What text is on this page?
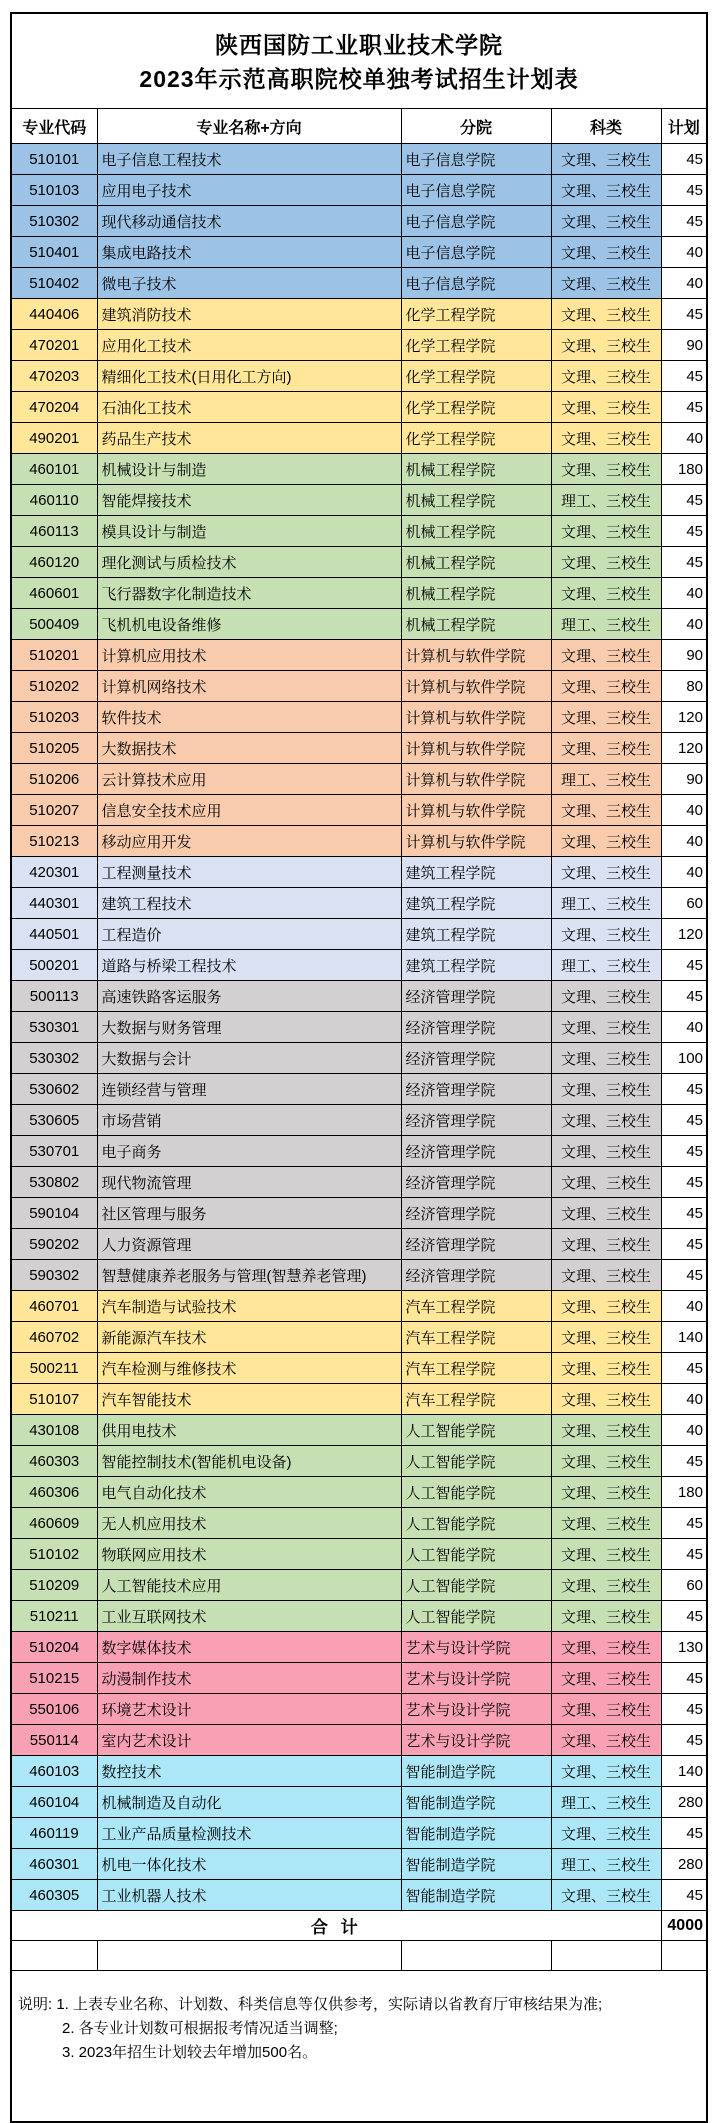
陕西国防工业职业技术学院
2023年示范高职院校单独考试招生计划表				

专业代码	专业名称+方向	分院	科类	计划
510101	电子信息工程技术	电子信息学院	文理、三校生	45
510103	应用电子技术	电子信息学院	文理、三校生	45
510302	现代移动通信技术	电子信息学院	文理、三校生	45
510401	集成电路技术	电子信息学院	文理、三校生	40
510402	微电子技术	电子信息学院	文理、三校生	40
440406	建筑消防技术	化学工程学院	文理、三校生	45
470201	应用化工技术	化学工程学院	文理、三校生	90
470203	精细化工技术(日用化工方向)	化学工程学院	文理、三校生	45
470204	石油化工技术	化学工程学院	文理、三校生	45
490201	药品生产技术	化学工程学院	文理、三校生	40
460101	机械设计与制造	机械工程学院	文理、三校生	180
460110	智能焊接技术	机械工程学院	理工、三校生	45
460113	模具设计与制造	机械工程学院	文理、三校生	45
460120	理化测试与质检技术	机械工程学院	文理、三校生	45
460601	飞行器数字化制造技术	机械工程学院	文理、三校生	40
500409	飞机机电设备维修	机械工程学院	理工、三校生	40
510201	计算机应用技术	计算机与软件学院	文理、三校生	90
510202	计算机网络技术	计算机与软件学院	文理、三校生	80
510203	软件技术	计算机与软件学院	文理、三校生	120
510205	大数据技术	计算机与软件学院	文理、三校生	120
510206	云计算技术应用	计算机与软件学院	理工、三校生	90
510207	信息安全技术应用	计算机与软件学院	文理、三校生	40
510213	移动应用开发	计算机与软件学院	文理、三校生	40
420301	工程测量技术	建筑工程学院	文理、三校生	40
440301	建筑工程技术	建筑工程学院	理工、三校生	60
440501	工程造价	建筑工程学院	文理、三校生	120
500201	道路与桥梁工程技术	建筑工程学院	理工、三校生	45
500113	高速铁路客运服务	经济管理学院	文理、三校生	45
530301	大数据与财务管理	经济管理学院	文理、三校生	40
530302	大数据与会计	经济管理学院	文理、三校生	100
530602	连锁经营与管理	经济管理学院	文理、三校生	45
530605	市场营销	经济管理学院	文理、三校生	45
530701	电子商务	经济管理学院	文理、三校生	45
530802	现代物流管理	经济管理学院	文理、三校生	45
590104	社区管理与服务	经济管理学院	文理、三校生	45
590202	人力资源管理	经济管理学院	文理、三校生	45
590302	智慧健康养老服务与管理(智慧养老管理)	经济管理学院	文理、三校生	45
460701	汽车制造与试验技术	汽车工程学院	文理、三校生	40
460702	新能源汽车技术	汽车工程学院	文理、三校生	140
500211	汽车检测与维修技术	汽车工程学院	文理、三校生	45
510107	汽车智能技术	汽车工程学院	文理、三校生	40
430108	供用电技术	人工智能学院	文理、三校生	40
460303	智能控制技术(智能机电设备)	人工智能学院	文理、三校生	45
460306	电气自动化技术	人工智能学院	文理、三校生	180
460609	无人机应用技术	人工智能学院	文理、三校生	45
510102	物联网应用技术	人工智能学院	文理、三校生	45
510209	人工智能技术应用	人工智能学院	文理、三校生	60
510211	工业互联网技术	人工智能学院	文理、三校生	45
510204	数字媒体技术	艺术与设计学院	文理、三校生	130
510215	动漫制作技术	艺术与设计学院	文理、三校生	45
550106	环境艺术设计	艺术与设计学院	文理、三校生	45
550114	室内艺术设计	艺术与设计学院	文理、三校生	45
460103	数控技术	智能制造学院	文理、三校生	140
460104	机械制造及自动化	智能制造学院	理工、三校生	280
460119	工业产品质量检测技术	智能制造学院	文理、三校生	45
460301	机电一体化技术	智能制造学院	理工、三校生	280
460305	工业机器人技术	智能制造学院	文理、三校生	45
合 计				4000

说明: 1. 上表专业名称、计划数、科类信息等仅供参考，实际请以省教育厅审核结果为准;
2. 各专业计划数可根据报考情况适当调整;
3. 2023年招生计划较去年增加500名。				
